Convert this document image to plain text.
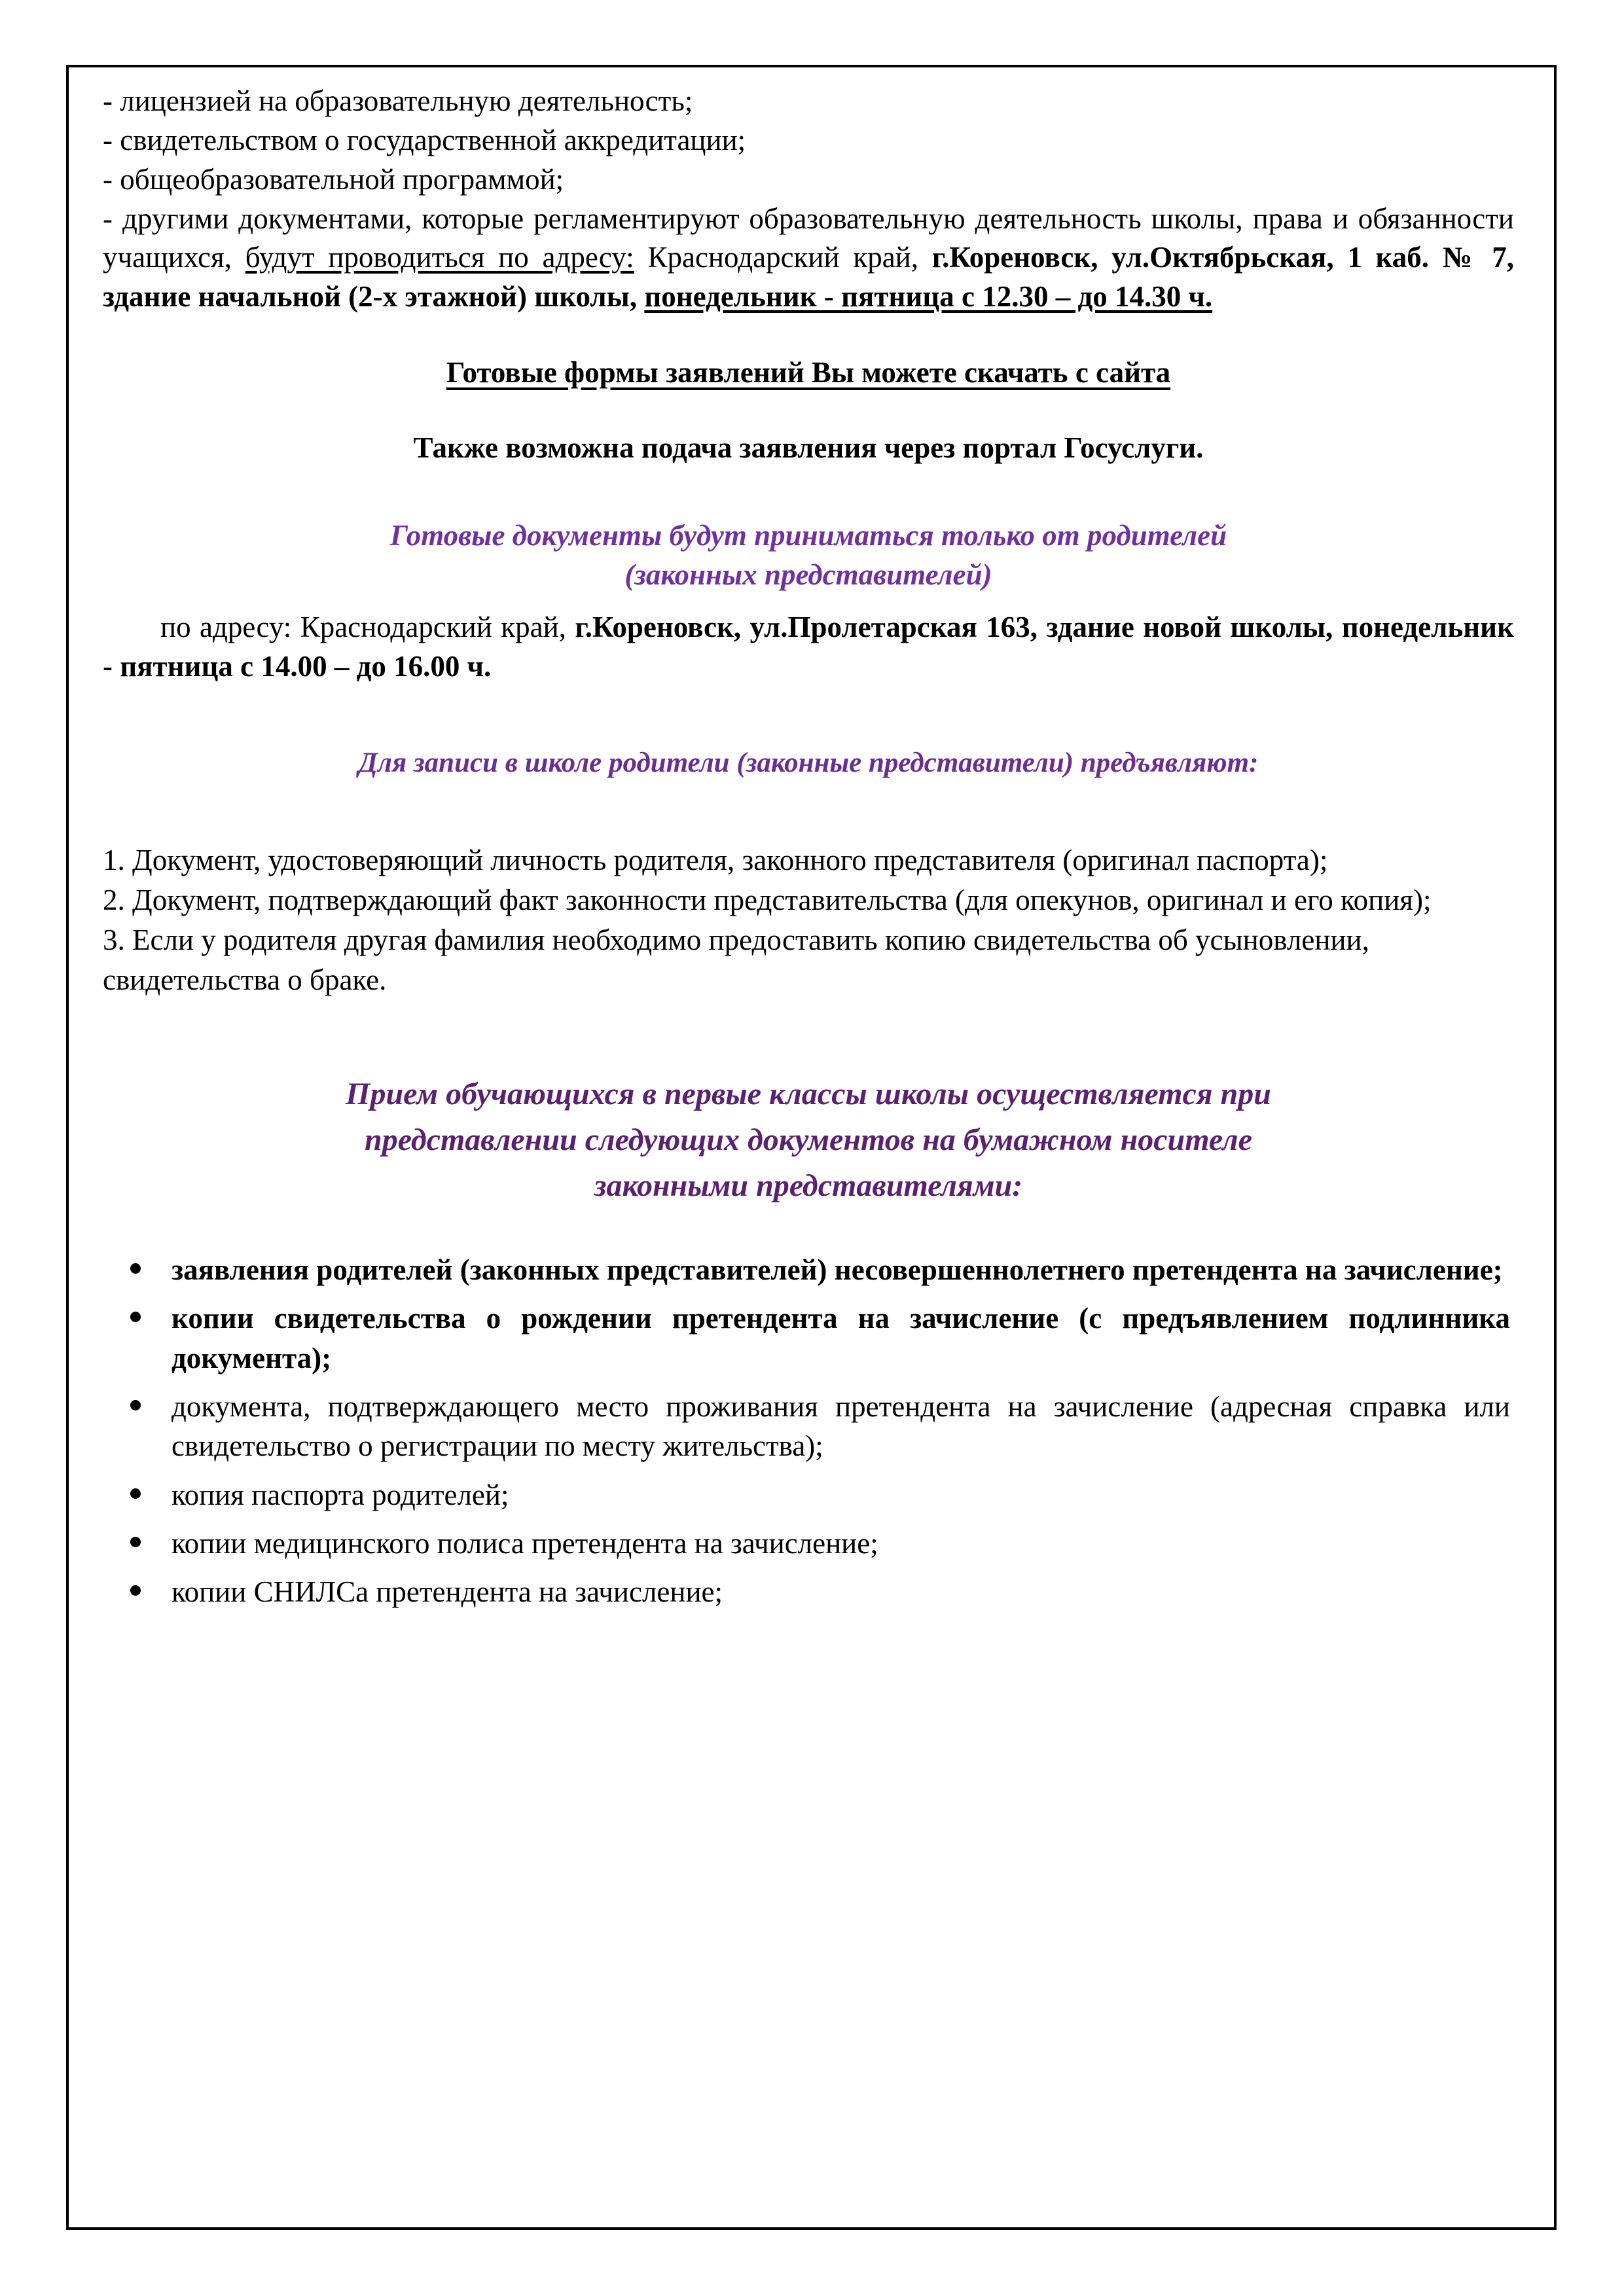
- лицензией на образовательную деятельность;

- свидетельством о государственной аккредитации;

- общеобразовательной программой;

- другими документами, которые регламентируют образовательную деятельность школы, права и обязанности учащихся, будут проводиться по адресу: Краснодарский край, г.Кореновск, ул.Октябрьская, 1 каб. № 7, здание начальной (2-х этажной) школы, понедельник - пятница с 12.30 – до 14.30 ч.

Готовые формы заявлений Вы можете скачать с сайта

Также возможна подача заявления через портал Госуслуги.

Готовые документы будут приниматься только от родителей

(законных представителей)

по адресу: Краснодарский край, г.Кореновск, ул.Пролетарская 163, здание новой школы, понедельник - пятница с 14.00 – до 16.00 ч.

Для записи в школе родители (законные представители) предъявляют:

1. Документ, удостоверяющий личность родителя, законного представителя (оригинал паспорта);
2. Документ, подтверждающий факт законности представительства (для опекунов, оригинал и его копия);
3. Если у родителя другая фамилия необходимо предоставить копию свидетельства об усыновлении, свидетельства о браке.

Прием обучающихся в первые классы школы осуществляется при

представлении следующих документов на бумажном носителе

законными представителями:

заявления родителей (законных представителей) несовершеннолетнего претендента на зачисление;
копии свидетельства о рождении претендента на зачисление (с предъявлением подлинника документа);
документа, подтверждающего место проживания претендента на зачисление (адресная справка или свидетельство о регистрации по месту жительства);
копия паспорта родителей;
копии медицинского полиса претендента на зачисление;
копии СНИЛСа претендента на зачисление;
